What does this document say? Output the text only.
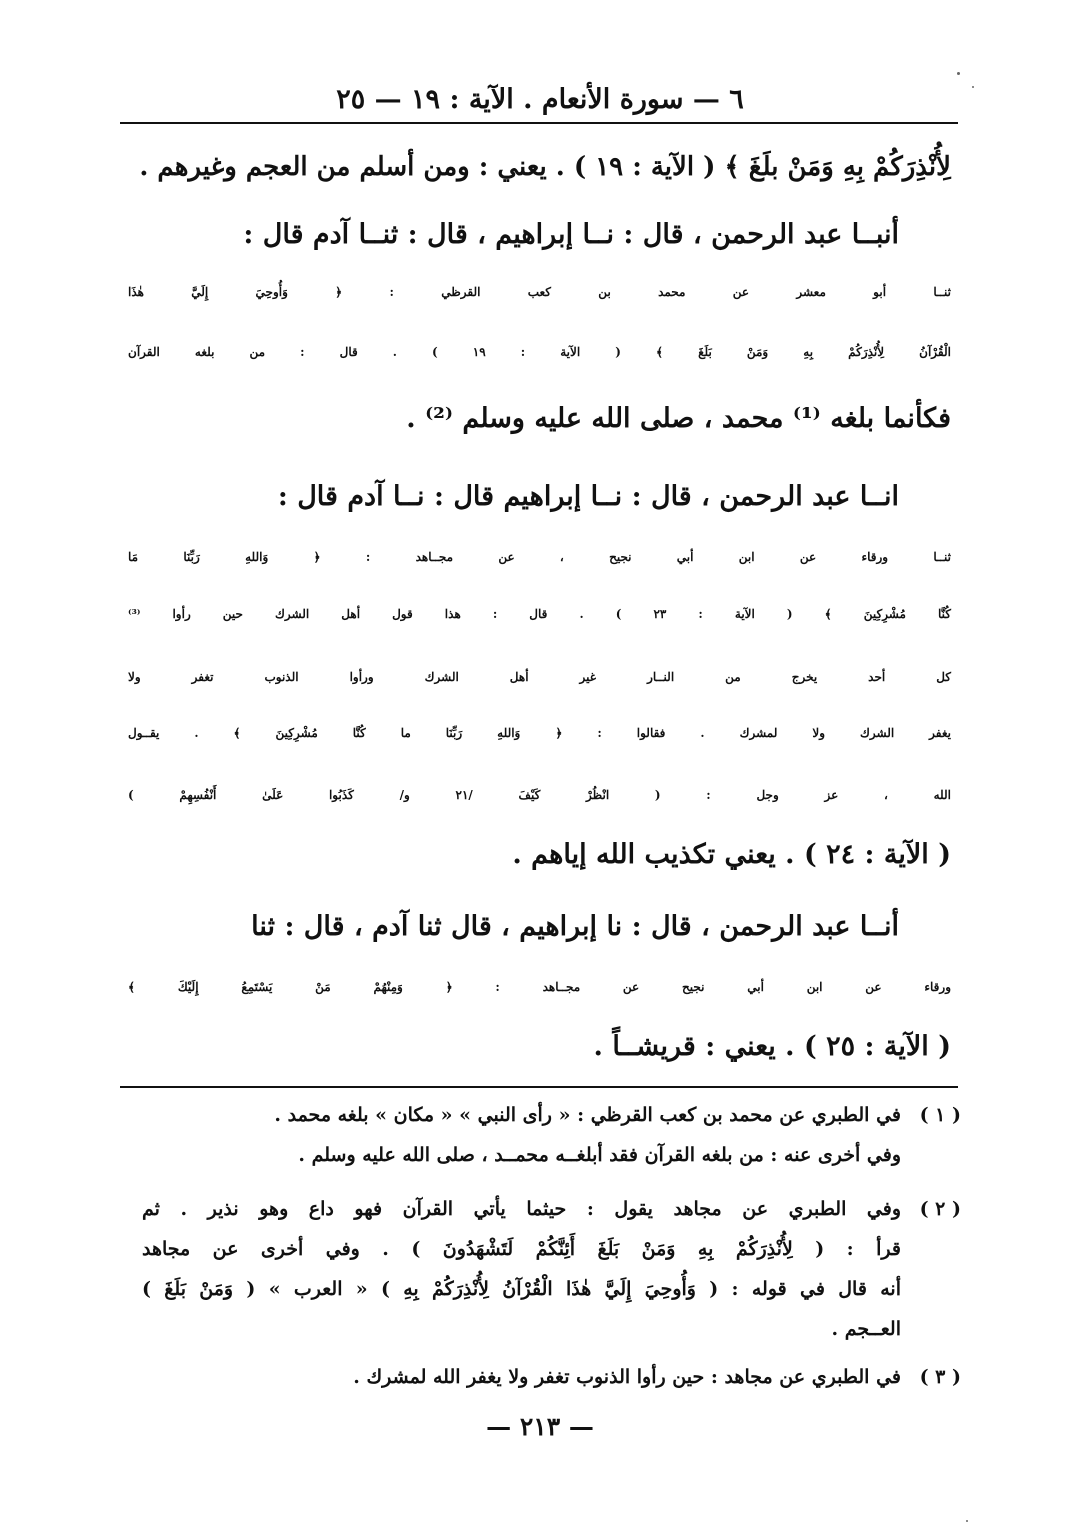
٦ — سورة الأنعام . الآية : ١٩ — ٢٥
لِأُنْذِرَكُمْ بِهِ وَمَنْ بلَغَ ﴾ ( الآية : ١٩ ) . يعني : ومن أسلم من العجم وغيرهم .
أنبــا عبد الرحمن ، قال : نــا إبراهيم ، قال : ثنــا آدم قال :
ثنــا أبو معشر عن محمد بن كعب القرظي : ﴿ وَأُوحِيَ إِلَيَّ هٰذَا
الْقُرْآنُ لِأُنْذِرَكُمْ بِهِ وَمَنْ بَلَغَ ﴾ ( الآية : ١٩ ) . قال : من بلغه القرآن
فكأنما بلغه ⁽¹⁾ محمد ، صلى الله عليه وسلم ⁽²⁾ .
انــا عبد الرحمن ، قال : نــا إبراهيم قال : نــا آدم قال :
ثنــا ورقاء عن ابن أبي نجيح ، عن مجــاهد : ﴿ وَاللهِ رَبِّنَا مَا
كُنَّا مُشْرِكِينَ ﴾ ( الآية : ٢٣ ) . قال : هذا قول أهل الشرك حين رأوا ⁽³⁾
كل أحد يخرج من النــار غير أهل الشرك ورأوا الذنوب تغفر ولا
يغفر الشرك ولا لمشرك . فقالوا : ﴿ وَاللهِ رَبِّنَا ما كُنَّا مُشْرِكِينَ ﴾ . يقــول
الله ، عز وجل : ( انْظُرْ كَيْفَ /٢١ و/ كَذَبُوا عَلَىٰ أَنْفُسِهِمْ )
( الآية : ٢٤ ) . يعني تكذيب الله إياهم .
أنــا عبد الرحمن ، قال : نا إبراهيم ، قال ثنا آدم ، قال : ثنا
ورقاء عن ابن أبي نجيح عن مجــاهد : ﴿ وَمِنْهُمْ مَنْ يَسْتَمِعُ إِلَيْكَ ﴾
( الآية : ٢٥ ) . يعني : قريشــاً .
( ١ )
في الطبري عن محمد بن كعب القرظي : « رأى النبي » « مكان » بلغه محمد .
وفي أخرى عنه : من بلغه القرآن فقد أبلغــه محمــد ، صلى الله عليه وسلم .
( ٢ )
وفي الطبري عن مجاهد يقول : حيثما يأتي القرآن فهو داع وهو نذير . ثم
قرأ : ( لِأُنْذِرَكُمْ بِهِ وَمَنْ بَلَغَ أَئِنَّكُمْ لَتَشْهَدُونَ ) . وفي أخرى عن مجاهد
أنه قال في قوله : ( وَأُوحِيَ إِلَيَّ هٰذَا الْقُرْآنُ لِأُنْذِرَكُمْ بِهِ ) « العرب » ( وَمَنْ بَلَغَ )
العــجم .
( ٣ )
في الطبري عن مجاهد : حين رأوا الذنوب تغفر ولا يغفر الله لمشرك .
— ٢١٣ —
